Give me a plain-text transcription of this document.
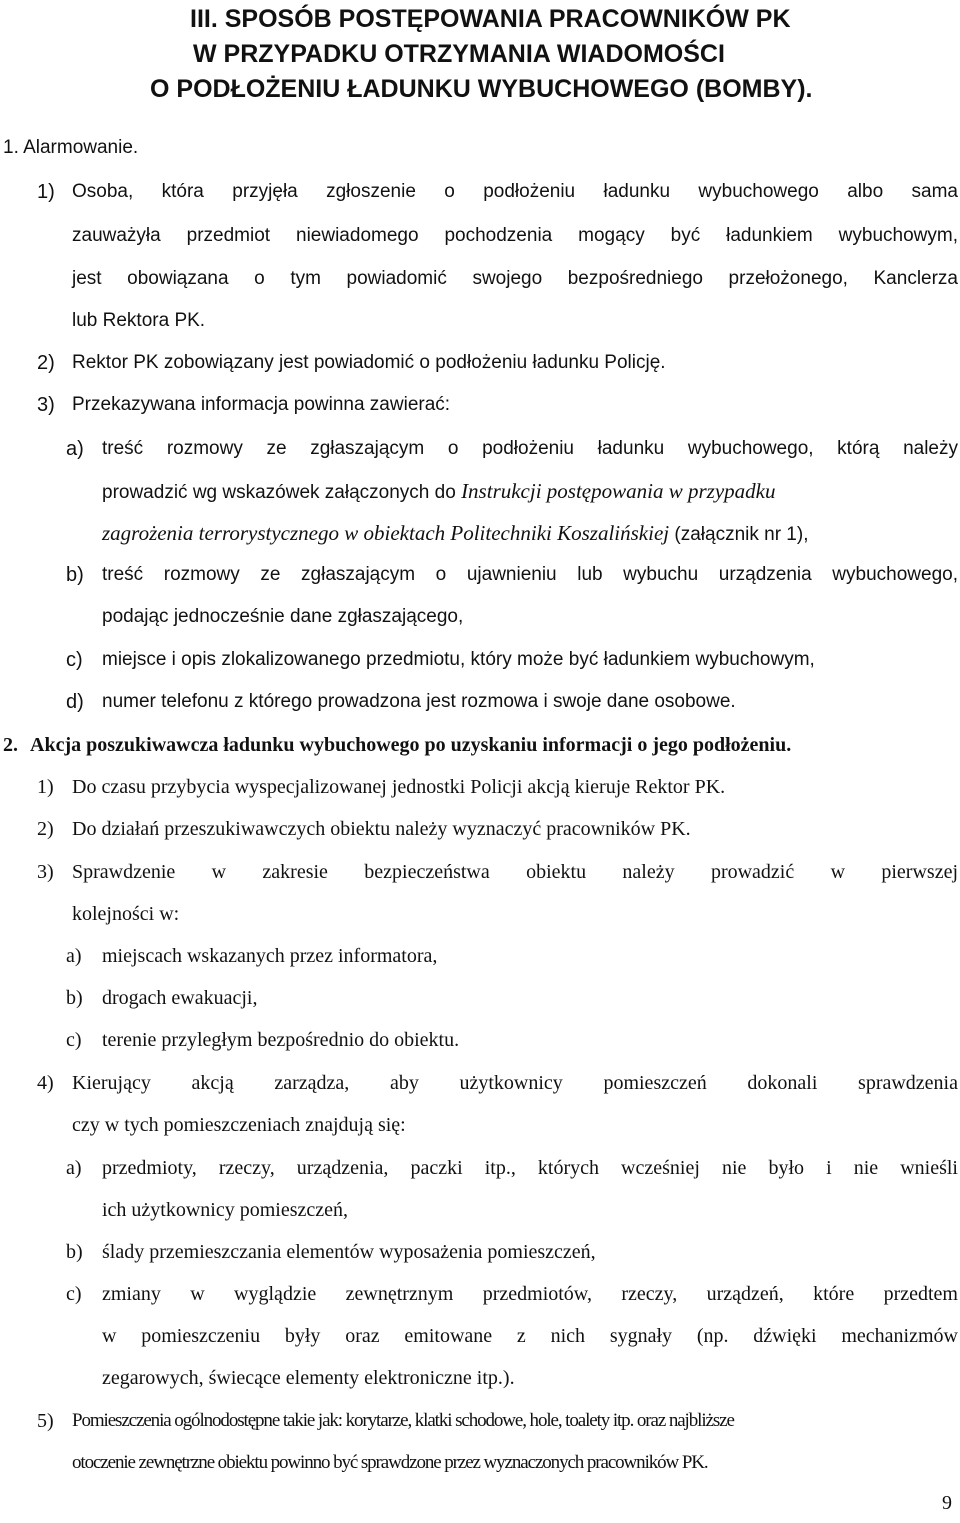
III. SPOSÓB POSTĘPOWANIA PRACOWNIKÓW PK
W PRZYPADKU OTRZYMANIA WIADOMOŚCI
O PODŁOŻENIU ŁADUNKU WYBUCHOWEGO (BOMBY).
1. Alarmowanie.
1) Osoba, która przyjęła zgłoszenie o podłożeniu ładunku wybuchowego albo sama
zauważyła przedmiot niewiadomego pochodzenia mogący być ładunkiem wybuchowym,
jest obowiązana o tym powiadomić swojego bezpośredniego przełożonego, Kanclerza
lub Rektora PK.
2) Rektor PK zobowiązany jest powiadomić o podłożeniu ładunku Policję.
3) Przekazywana informacja powinna zawierać:
a) treść rozmowy ze zgłaszającym o podłożeniu ładunku wybuchowego, którą należy
prowadzić wg wskazówek załączonych do Instrukcji postępowania w przypadku
zagrożenia terrorystycznego w obiektach Politechniki Koszalińskiej (załącznik nr 1),
b) treść rozmowy ze zgłaszającym o ujawnieniu lub wybuchu urządzenia wybuchowego,
podając jednocześnie dane zgłaszającego,
c) miejsce i opis zlokalizowanego przedmiotu, który może być ładunkiem wybuchowym,
d) numer telefonu z którego prowadzona jest rozmowa i swoje dane osobowe.
2. Akcja poszukiwawcza ładunku wybuchowego po uzyskaniu informacji o jego podłożeniu.
1) Do czasu przybycia wyspecjalizowanej jednostki Policji akcją kieruje Rektor PK.
2) Do działań przeszukiwawczych obiektu należy wyznaczyć pracowników PK.
3) Sprawdzenie w zakresie bezpieczeństwa obiektu należy prowadzić w pierwszej
kolejności w:
a) miejscach wskazanych przez informatora,
b) drogach ewakuacji,
c) terenie przyległym bezpośrednio do obiektu.
4) Kierujący akcją zarządza, aby użytkownicy pomieszczeń dokonali sprawdzenia
czy w tych pomieszczeniach znajdują się:
a) przedmioty, rzeczy, urządzenia, paczki itp., których wcześniej nie było i nie wnieśli
ich użytkownicy pomieszczeń,
b) ślady przemieszczania elementów wyposażenia pomieszczeń,
c) zmiany w wyglądzie zewnętrznym przedmiotów, rzeczy, urządzeń, które przedtem
w pomieszczeniu były oraz emitowane z nich sygnały (np. dźwięki mechanizmów
zegarowych, świecące elementy elektroniczne itp.).
5) Pomieszczenia ogólnodostępne takie jak: korytarze, klatki schodowe, hole, toalety itp. oraz najbliższe
otoczenie zewnętrzne obiektu powinno być sprawdzone przez wyznaczonych pracowników PK.
9
